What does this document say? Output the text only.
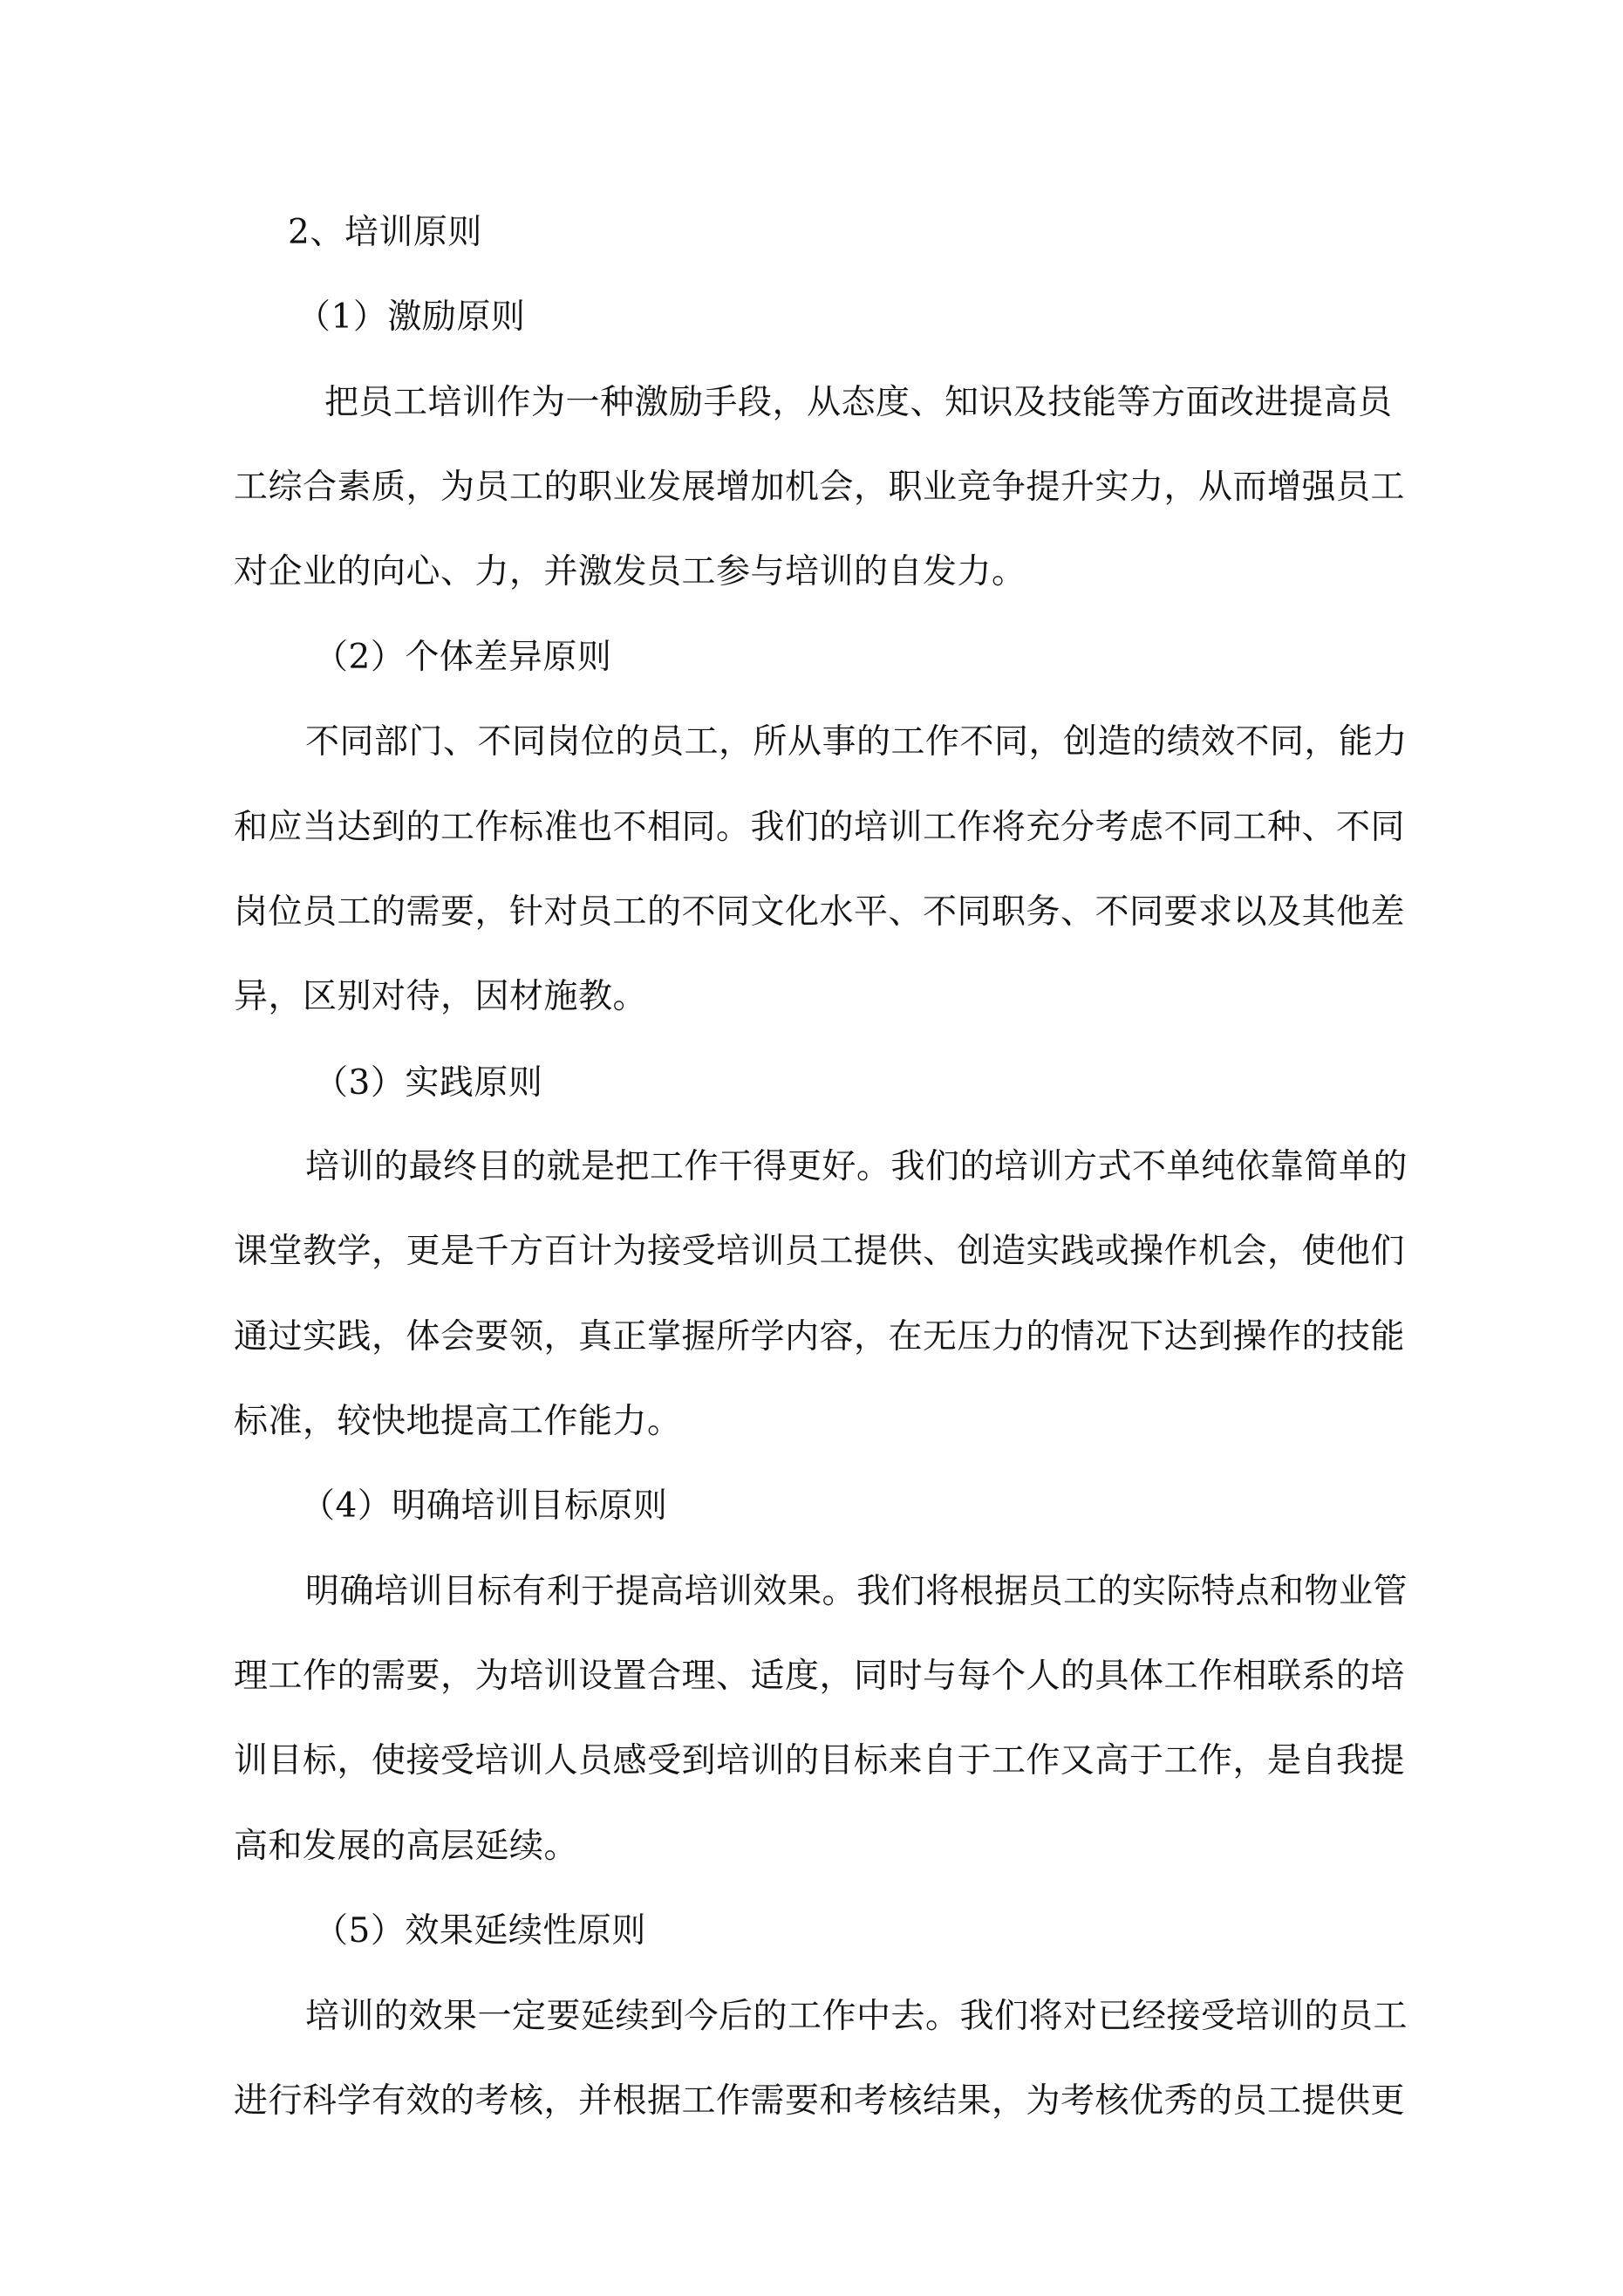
2、培训原则
（1）激励原则
把员工培训作为一种激励手段，从态度、知识及技能等方面改进提高员
工综合素质，为员工的职业发展增加机会，职业竞争提升实力，从而增强员工
对企业的向心、力，并激发员工参与培训的自发力。
（2）个体差异原则
不同部门、不同岗位的员工，所从事的工作不同，创造的绩效不同，能力
和应当达到的工作标准也不相同。我们的培训工作将充分考虑不同工种、不同
岗位员工的需要，针对员工的不同文化水平、不同职务、不同要求以及其他差
异，区别对待，因材施教。
（3）实践原则
培训的最终目的就是把工作干得更好。我们的培训方式不单纯依靠简单的
课堂教学，更是千方百计为接受培训员工提供、创造实践或操作机会，使他们
通过实践，体会要领，真正掌握所学内容，在无压力的情况下达到操作的技能
标准，较快地提高工作能力。
（4）明确培训目标原则
明确培训目标有利于提高培训效果。我们将根据员工的实际特点和物业管
理工作的需要，为培训设置合理、适度，同时与每个人的具体工作相联系的培
训目标，使接受培训人员感受到培训的目标来自于工作又高于工作，是自我提
高和发展的高层延续。
（5）效果延续性原则
培训的效果一定要延续到今后的工作中去。我们将对已经接受培训的员工
进行科学有效的考核，并根据工作需要和考核结果，为考核优秀的员工提供更
